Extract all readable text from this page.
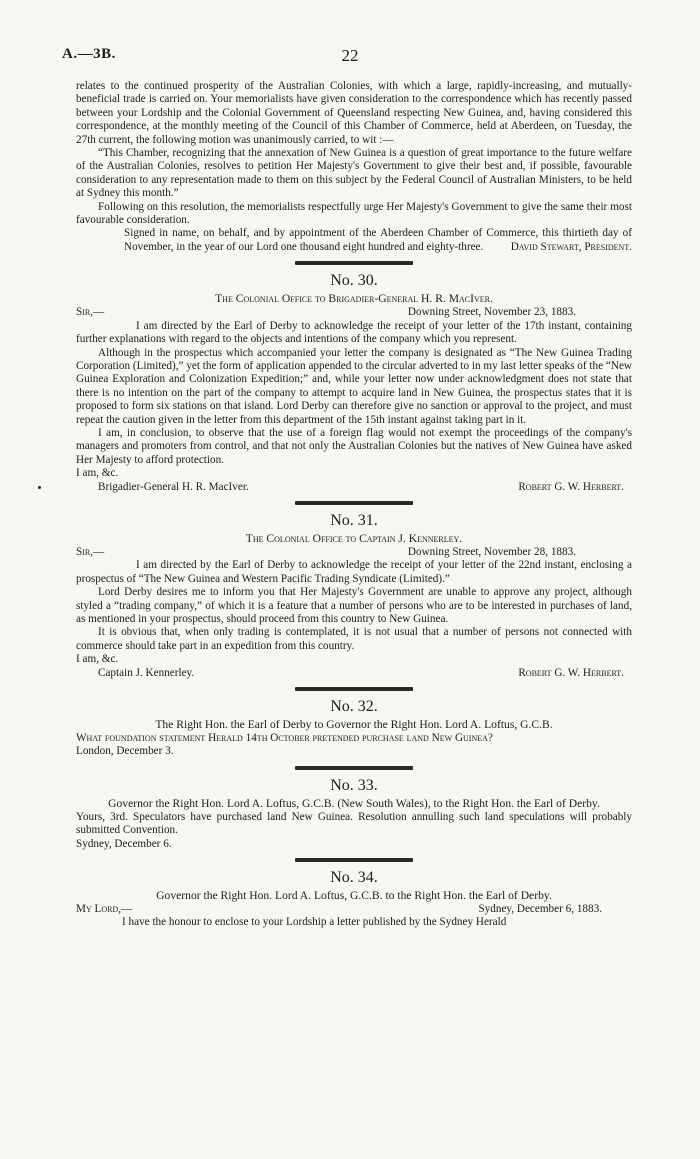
A.—3B.	22

relates to the continued prosperity of the Australian Colonies, with which a large, rapidly-increasing, and mutually-beneficial trade is carried on. Your memorialists have given consideration to the correspondence which has recently passed between your Lordship and the Colonial Government of Queensland respecting New Guinea, and, having considered this correspondence, at the monthly meeting of the Council of this Chamber of Commerce, held at Aberdeen, on Tuesday, the 27th current, the following motion was unanimously carried, to wit :—

“This Chamber, recognizing that the annexation of New Guinea is a question of great importance to the future welfare of the Australian Colonies, resolves to petition Her Majesty's Government to give their best and, if possible, favourable consideration to any representation made to them on this subject by the Federal Council of Australian Ministers, to be held at Sydney this month.”

Following on this resolution, the memorialists respectfully urge Her Majesty's Government to give the same their most favourable consideration.

Signed in name, on behalf, and by appointment of the Aberdeen Chamber of Commerce, this thirtieth day of November, in the year of our Lord one thousand eight hundred and eighty-three. David Stewart, President.

No. 30.
The Colonial Office to Brigadier-General H. R. MacIver.
Sir,—	Downing Street, November 23, 1883.

I am directed by the Earl of Derby to acknowledge the receipt of your letter of the 17th instant, containing further explanations with regard to the objects and intentions of the company which you represent.

Although in the prospectus which accompanied your letter the company is designated as “The New Guinea Trading Corporation (Limited),” yet the form of application appended to the circular adverted to in my last letter speaks of the “New Guinea Exploration and Colonization Expedition;” and, while your letter now under acknowledgment does not state that there is no intention on the part of the company to attempt to acquire land in New Guinea, the prospectus states that it is proposed to form six stations on that island. Lord Derby can therefore give no sanction or approval to the project, and must repeat the caution given in the letter from this department of the 15th instant against taking part in it.

I am, in conclusion, to observe that the use of a foreign flag would not exempt the proceedings of the company's managers and promoters from control, and that not only the Australian Colonies but the natives of New Guinea have asked Her Majesty to afford protection.

I am, &c.

Brigadier-General H. R. MacIver.	Robert G. W. Herbert.
No. 31.
The Colonial Office to Captain J. Kennerley.
Sir,—	Downing Street, November 28, 1883.

I am directed by the Earl of Derby to acknowledge the receipt of your letter of the 22nd instant, enclosing a prospectus of “The New Guinea and Western Pacific Trading Syndicate (Limited).”

Lord Derby desires me to inform you that Her Majesty's Government are unable to approve any project, although styled a “trading company,” of which it is a feature that a number of persons who are to be interested in purchases of land, as mentioned in your prospectus, should proceed from this country to New Guinea.

It is obvious that, when only trading is contemplated, it is not usual that a number of persons not connected with commerce should take part in an expedition from this country.

I am, &c.

Captain J. Kennerley.	Robert G. W. Herbert.
No. 32.
The Right Hon. the Earl of Derby to Governor the Right Hon. Lord A. Loftus, G.C.B.

What foundation statement Herald 14th October pretended purchase land New Guinea?

London, December 3.

No. 33.
Governor the Right Hon. Lord A. Loftus, G.C.B. (New South Wales), to the Right Hon. the Earl of Derby.

Yours, 3rd. Speculators have purchased land New Guinea. Resolution annulling such land speculations will probably submitted Convention.

Sydney, December 6.

No. 34.
Governor the Right Hon. Lord A. Loftus, G.C.B. to the Right Hon. the Earl of Derby.
My Lord,—	Sydney, December 6, 1883.

I have the honour to enclose to your Lordship a letter published by the Sydney Herald
